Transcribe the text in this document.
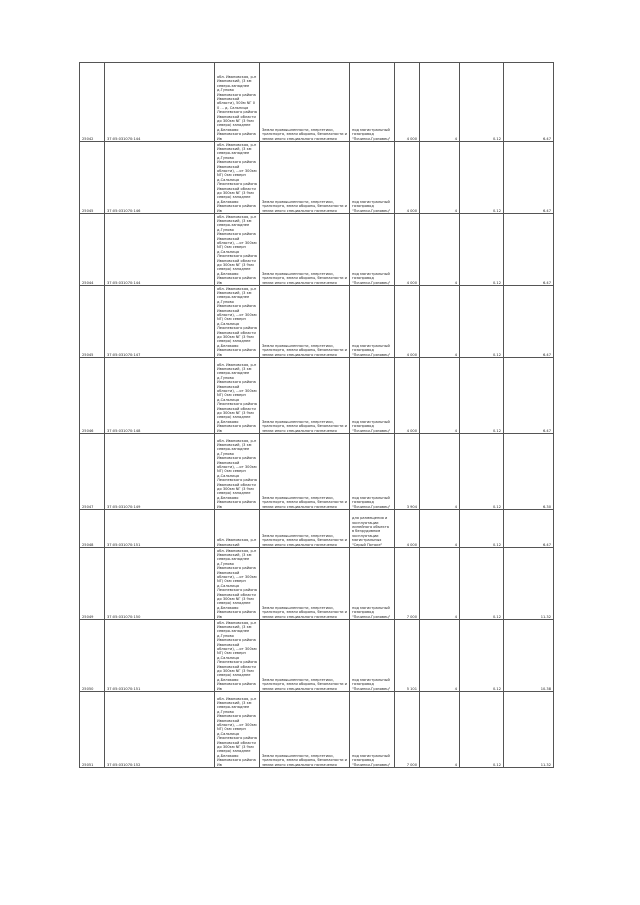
25042	37:05:031070:144	обл. Ивановская, р-н Ивановский, (3 км северо-западнее д.Гуново Ивановского района Ивановской области), 500м NГ 0 0 ... д. Сальница Лежневского района Ивановской области до 300км NГ (3 9км северо) западнее д.Беляково Ивановского района Ив	Земли промышленности, энергетики, транспорта, земли обороны, безопасности и земли иного специального назначения	под магистральный газопровод "Починки-Грязовец"	4 000	4	0.12	6.47
25045	37:05:031070:146	обл. Ивановская, р-н Ивановский, (3 км северо-западнее д.Гуново Ивановского района Ивановской области), ...от 300км NГ) 0км северн д.Сальница Лежневского района Ивановской области до 300км NГ (3 9км северо) западнее д.Беляково Ивановского района Ив	Земли промышленности, энергетики, транспорта, земли обороны, безопасности и земли иного специального назначения	под магистральный газопровод "Починки-Грязовец"	4 000	4	0.12	6.47
25044	37:05:031070:144	обл. Ивановская, р-н Ивановский, (3 км северо-западнее д.Гуново Ивановского района Ивановской области), ...от 300км NГ) 0км северн д.Сальница Лежневского района Ивановской области до 300км NГ (3 9км северо) западнее д.Беляково Ивановского района Ив	Земли промышленности, энергетики, транспорта, земли обороны, безопасности и земли иного специального назначения	под магистральный газопровод "Починки-Грязовец"	4 000	4	0.12	6.47
25045	37:05:031070:147	обл. Ивановская, р-н Ивановский, (3 км северо-западнее д.Гуново Ивановского района Ивановской области), ...от 300км NГ) 0км северн д.Сальница Лежневского района Ивановской области до 300км NГ (3 9км северо) западнее д.Беляково Ивановского района Ив	Земли промышленности, энергетики, транспорта, земли обороны, безопасности и земли иного специального назначения	под магистральный газопровод "Починки-Грязовец"	4 000	4	0.12	6.47
25046	37:05:031070:148	обл. Ивановская, р-н Ивановский, (3 км северо-западнее д.Гуново Ивановского района Ивановской области), ...от 300км NГ) 0км северн д.Сальница Лежневского района Ивановской области до 300км NГ (3 9км северо) западнее д.Беляково Ивановского района Ив	Земли промышленности, энергетики, транспорта, земли обороны, безопасности и земли иного специального назначения	под магистральный газопровод "Починки-Грязовец"	4 000	4	0.12	6.47
25047	37:05:031070:149	обл. Ивановская, р-н Ивановский, (3 км северо-западнее д.Гуново Ивановского района Ивановской области), ...от 300км NГ) 0км северн д.Сальница Лежневского района Ивановской области до 300км NГ (3 9км северо) западнее д.Беляково Ивановского района Ив	Земли промышленности, энергетики, транспорта, земли обороны, безопасности и земли иного специального назначения	под магистральный газопровод "Починки-Грязовец"	3 904	4	0.12	6.30
25048	37:05:031070:151	обл. Ивановская, р-н Ивановский	Земли промышленности, энергетики, транспорта, земли обороны, безопасности и земли иного специального назначения	для размещения и эксплуатации линейного объекта в безрудивном эксплуатации магистральных "Серый Потоке"	4 000	4	0.12	6.47
25049	37:05:031070:150	обл. Ивановская, р-н Ивановский, (3 км северо-западнее д.Гуново Ивановского района Ивановской области), ...от 300км NГ) 0км северн д.Сальница Лежневского района Ивановской области до 300км NГ (3 9км северо) западнее д.Беляково Ивановского района Ив	Земли промышленности, энергетики, транспорта, земли обороны, безопасности и земли иного специального назначения	под магистральный газопровод "Починки-Грязовец"	7 000	4	0.12	11.32
25050	37:05:031070:151	обл. Ивановская, р-н Ивановский, (3 км северо-западнее д.Гуново Ивановского района Ивановской области), ...от 300км NГ) 0км северн д.Сальница Лежневского района Ивановской области до 300км NГ (3 9км северо) западнее д.Беляково Ивановского района Ив	Земли промышленности, энергетики, транспорта, земли обороны, безопасности и земли иного специального назначения	под магистральный газопровод "Починки-Грязовец"	5 101	4	0.12	10.38
25051	37:05:031070:152	обл. Ивановская, р-н Ивановский, (3 км северо-западнее д.Гуново Ивановского района Ивановской области), ...от 300км NГ) 0км северн д.Сальница Лежневского района Ивановской области до 300км NГ (3 9км северо) западнее д.Беляково Ивановского района Ив	Земли промышленности, энергетики, транспорта, земли обороны, безопасности и земли иного специального назначения	под магистральный газопровод "Починки-Грязовец"	7 000	4	0.12	11.32
